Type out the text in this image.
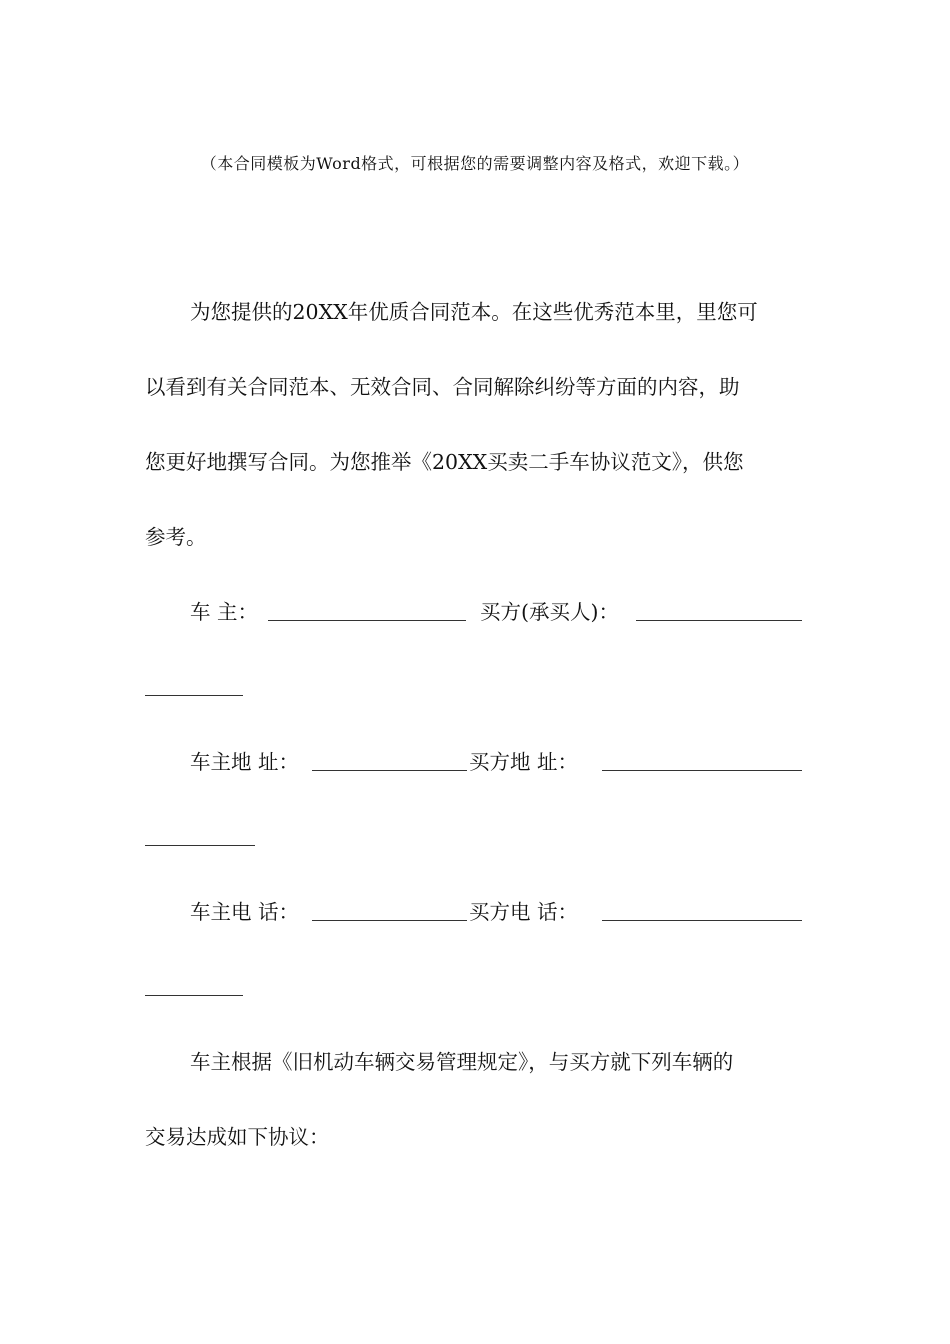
（本合同模板为Word格式，可根据您的需要调整内容及格式，欢迎下载。）
为您提供的20XX年优质合同范本。在这些优秀范本里，里您可
以看到有关合同范本、无效合同、合同解除纠纷等方面的内容，助
您更好地撰写合同。为您推举《20XX买卖二手车协议范文》，供您
参考。
车 主：	买方(承买人)：
车主地 址：	买方地 址：
车主电 话：	买方电 话：
车主根据《旧机动车辆交易管理规定》，与买方就下列车辆的
交易达成如下协议：
